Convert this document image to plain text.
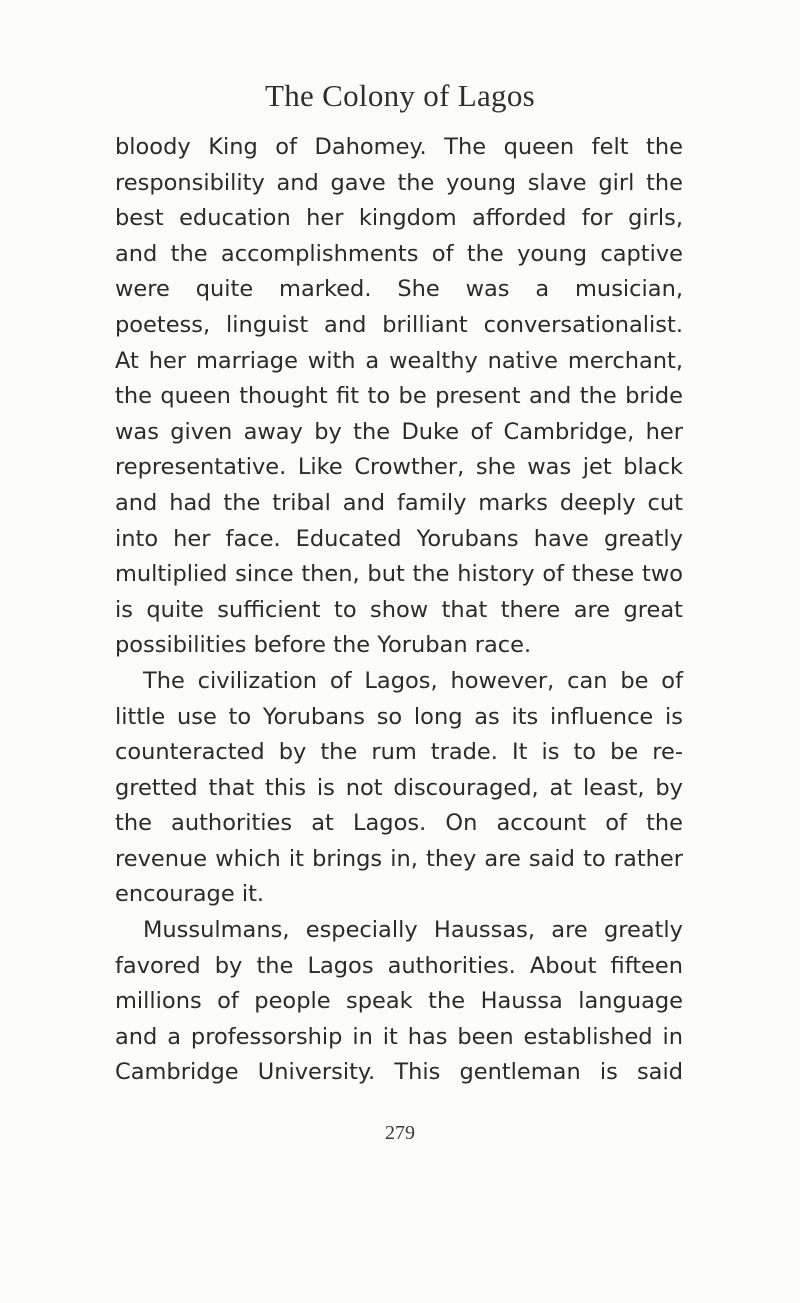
The Colony of Lagos
bloody King of Dahomey. The queen felt the
responsibility and gave the young slave girl the
best education her kingdom afforded for girls,
and the accomplishments of the young captive
were quite marked. She was a musician,
poetess, linguist and brilliant conversationalist.
At her marriage with a wealthy native merchant,
the queen thought fit to be present and the bride
was given away by the Duke of Cambridge, her
representative. Like Crowther, she was jet black
and had the tribal and family marks deeply cut
into her face. Educated Yorubans have greatly
multiplied since then, but the history of these two
is quite sufficient to show that there are great
possibilities before the Yoruban race.
The civilization of Lagos, however, can be of
little use to Yorubans so long as its influence is
counteracted by the rum trade. It is to be re-
gretted that this is not discouraged, at least, by
the authorities at Lagos. On account of the
revenue which it brings in, they are said to rather
encourage it.
Mussulmans, especially Haussas, are greatly
favored by the Lagos authorities. About fifteen
millions of people speak the Haussa language
and a professorship in it has been established in
Cambridge University. This gentleman is said
279
